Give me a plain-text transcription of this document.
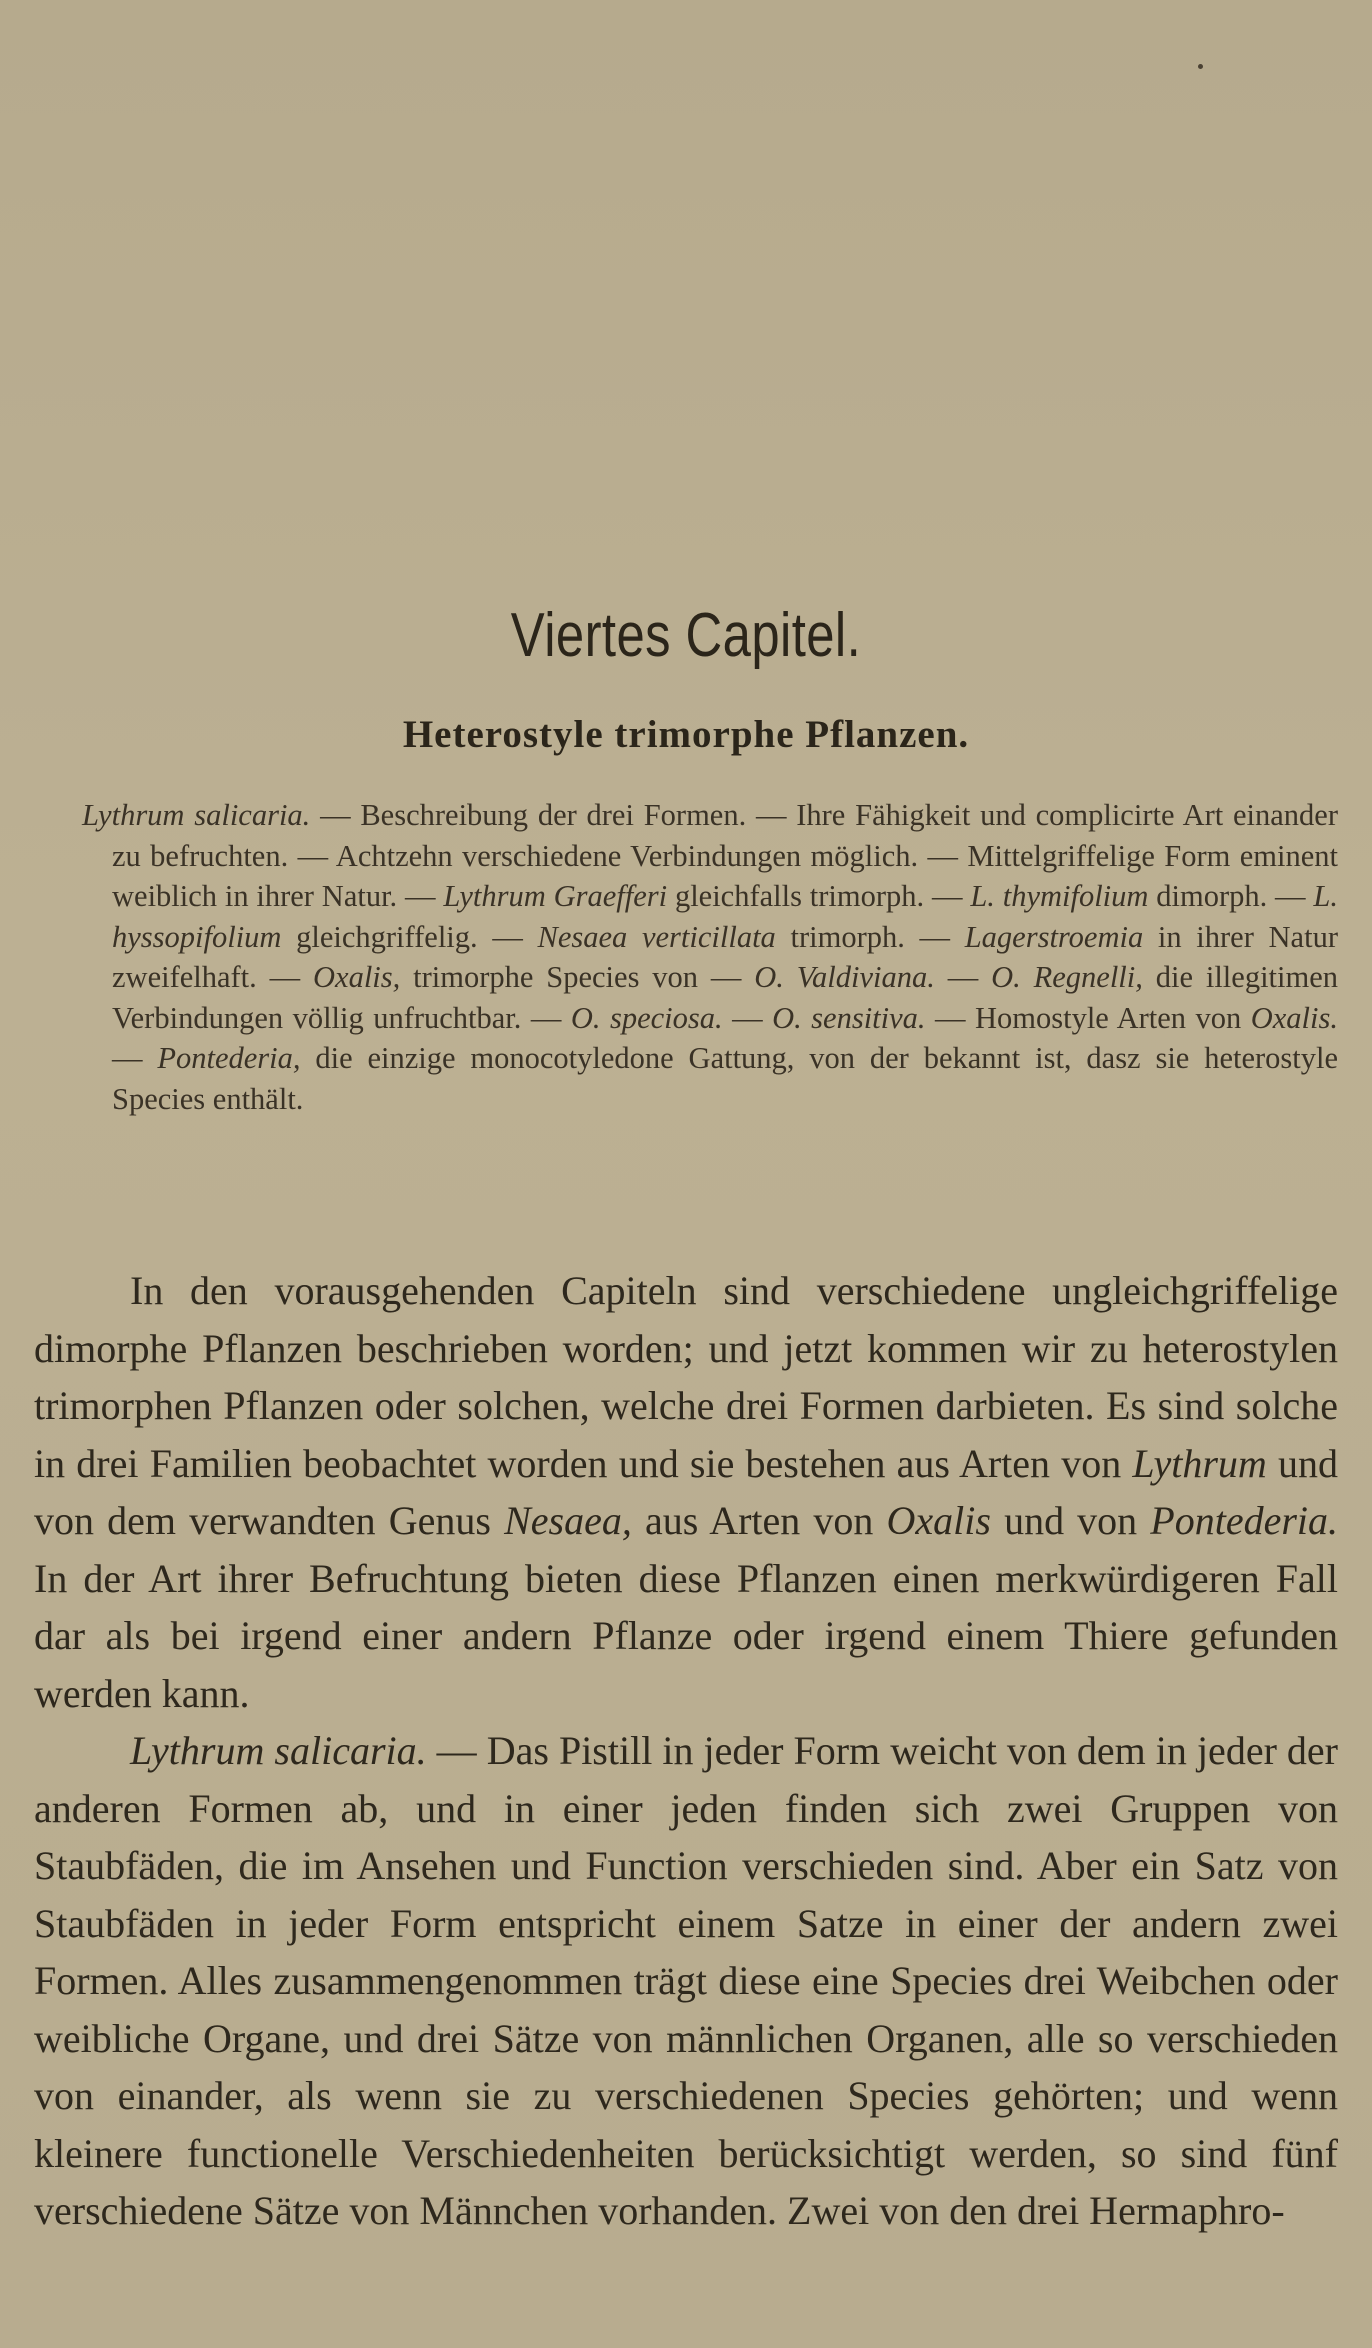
Viertes Capitel.
Heterostyle trimorphe Pflanzen.
Lythrum salicaria. — Beschreibung der drei Formen. — Ihre Fähigkeit und complicirte Art einander zu befruchten. — Achtzehn verschiedene Verbindungen möglich. — Mittelgriffelige Form eminent weiblich in ihrer Natur. — Lythrum Graefferi gleichfalls trimorph. — L. thymifolium dimorph. — L. hyssopifolium gleichgriffelig. — Nesaea verticillata trimorph. — Lagerstroemia in ihrer Natur zweifelhaft. — Oxalis, trimorphe Species von — O. Valdiviana. — O. Regnelli, die illegitimen Verbindungen völlig unfruchtbar. — O. speciosa. — O. sensitiva. — Homostyle Arten von Oxalis. — Pontederia, die einzige monocotyledone Gattung, von der bekannt ist, dasz sie heterostyle Species enthält.

In den vorausgehenden Capiteln sind verschiedene ungleichgriffelige dimorphe Pflanzen beschrieben worden; und jetzt kommen wir zu heterostylen trimorphen Pflanzen oder solchen, welche drei Formen darbieten. Es sind solche in drei Familien beobachtet worden und sie bestehen aus Arten von Lythrum und von dem verwandten Genus Nesaea, aus Arten von Oxalis und von Pontederia. In der Art ihrer Befruchtung bieten diese Pflanzen einen merkwürdigeren Fall dar als bei irgend einer andern Pflanze oder irgend einem Thiere gefunden werden kann.

Lythrum salicaria. — Das Pistill in jeder Form weicht von dem in jeder der anderen Formen ab, und in einer jeden finden sich zwei Gruppen von Staubfäden, die im Ansehen und Function verschieden sind. Aber ein Satz von Staubfäden in jeder Form entspricht einem Satze in einer der andern zwei Formen. Alles zusammengenommen trägt diese eine Species drei Weibchen oder weibliche Organe, und drei Sätze von männlichen Organen, alle so verschieden von einander, als wenn sie zu verschiedenen Species gehörten; und wenn kleinere functionelle Verschiedenheiten berücksichtigt werden, so sind fünf verschiedene Sätze von Männchen vorhanden. Zwei von den drei Hermaphro-
